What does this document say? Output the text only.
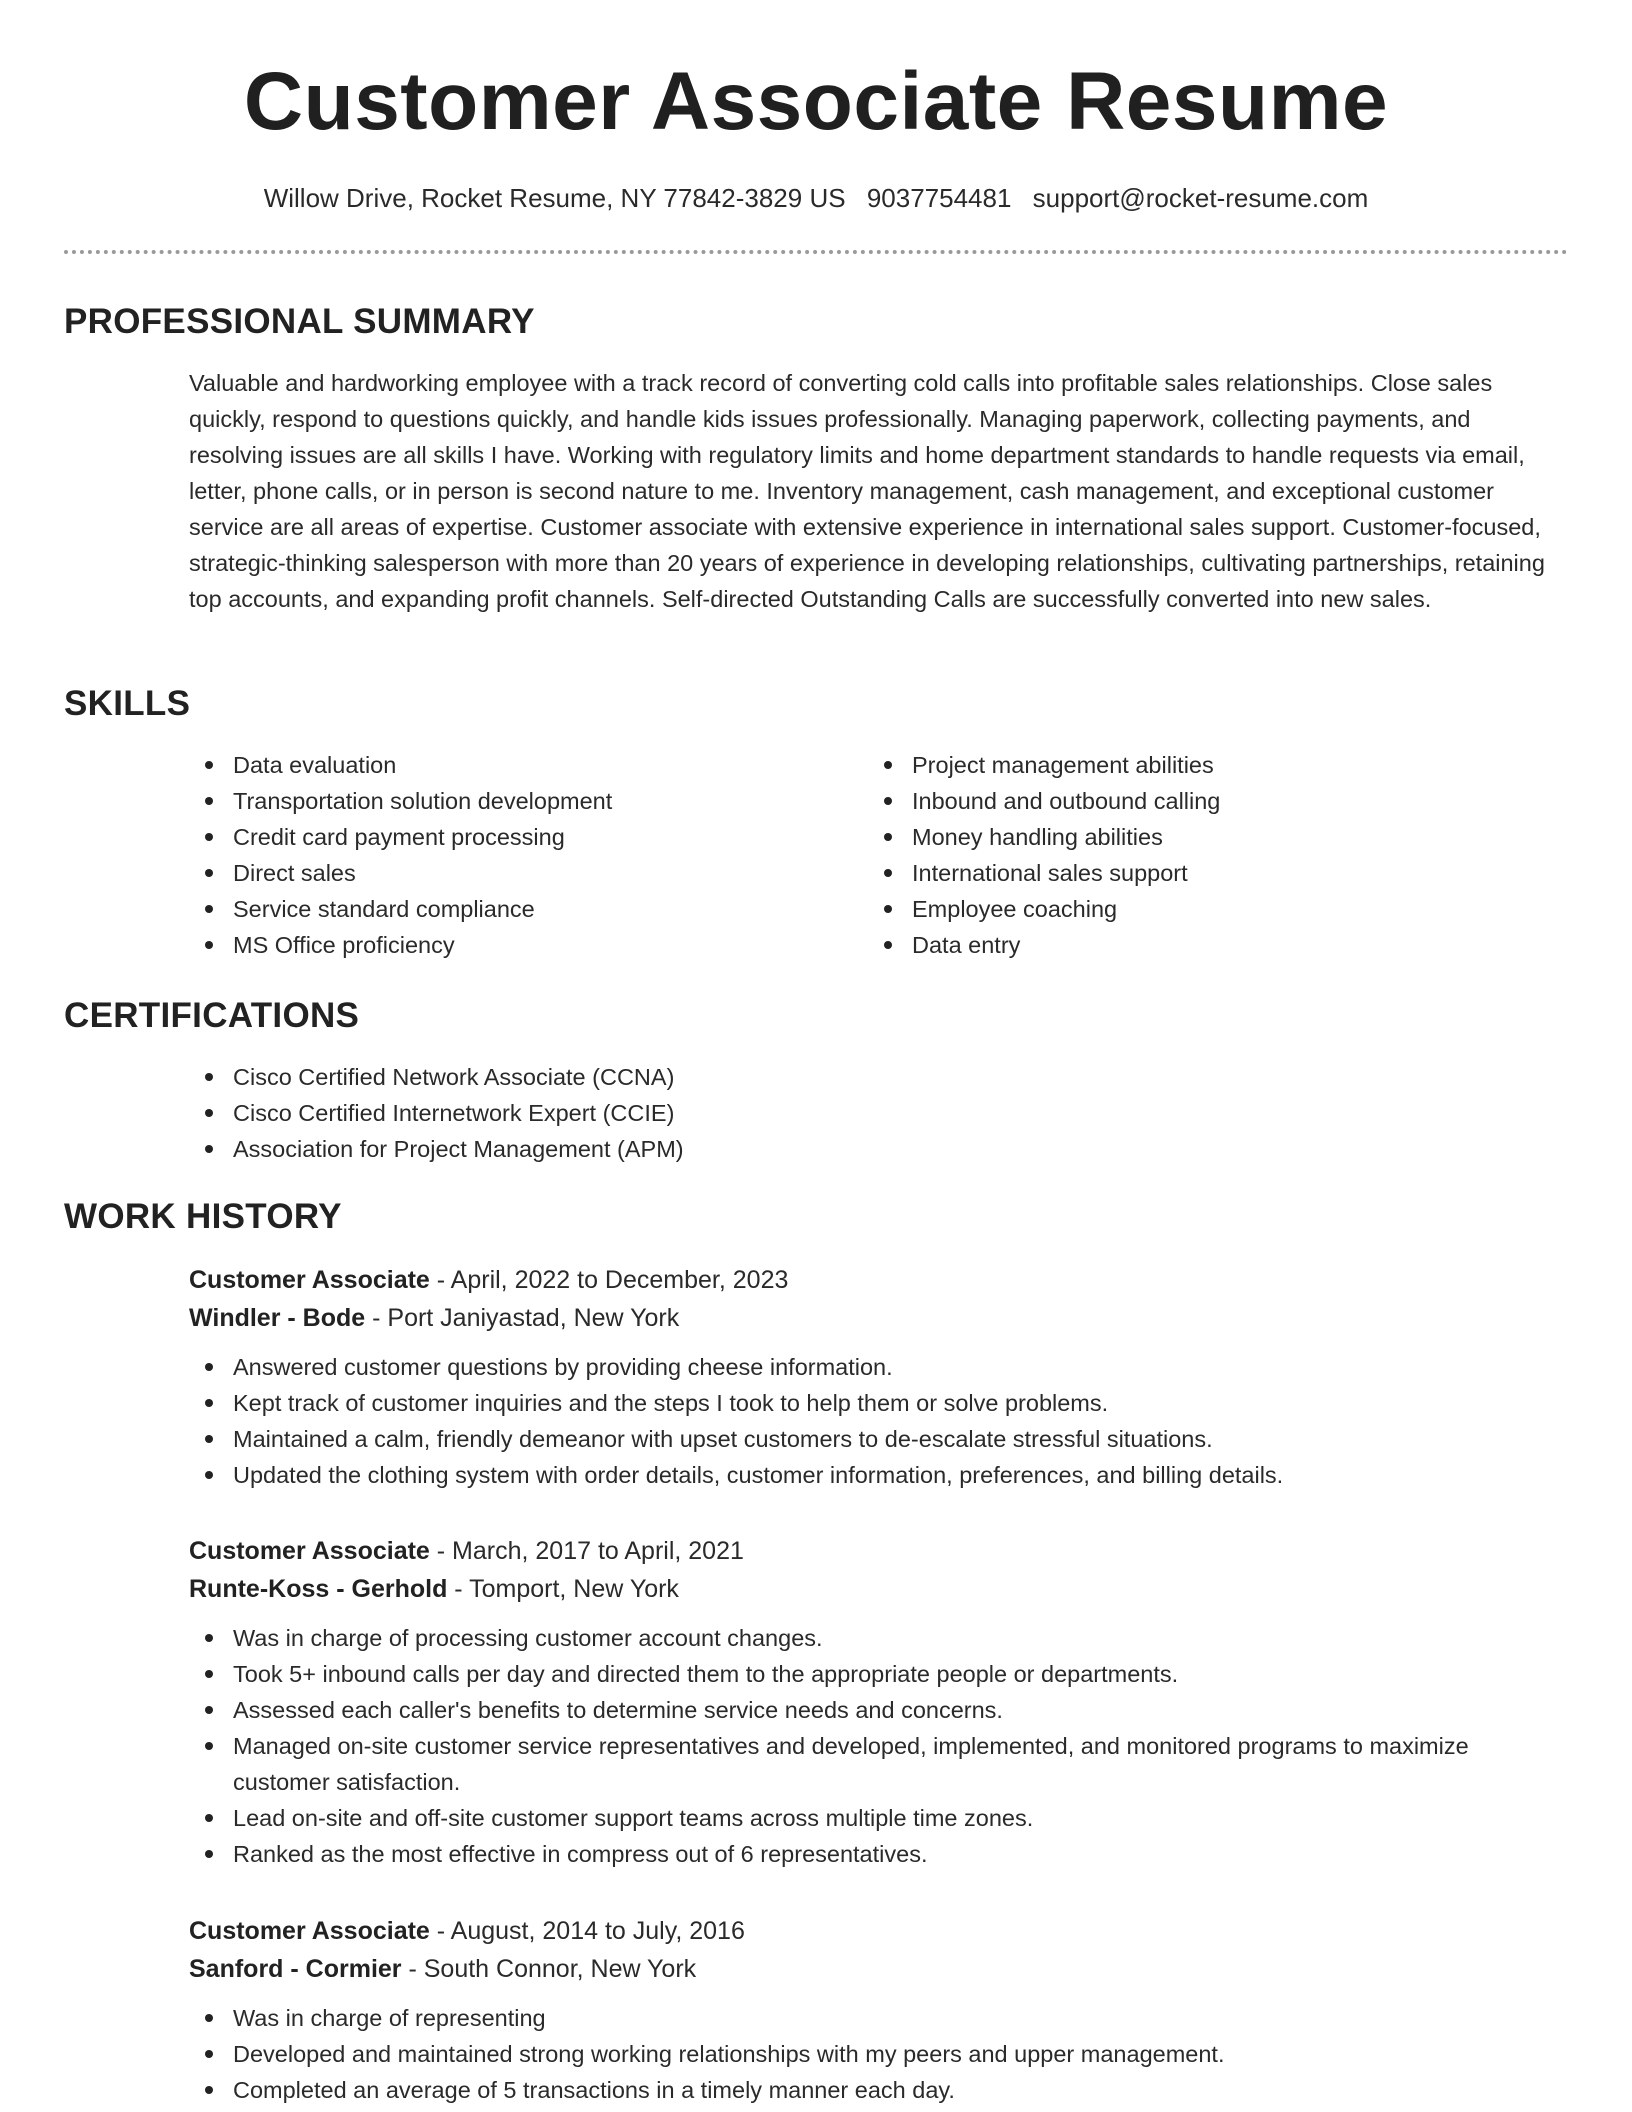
Customer Associate Resume
Willow Drive, Rocket Resume, NY 77842-3829 US 9037754481 support@rocket-resume.com
PROFESSIONAL SUMMARY

Valuable and hardworking employee with a track record of converting cold calls into profitable sales relationships. Close sales quickly, respond to questions quickly, and handle kids issues professionally. Managing paperwork, collecting payments, and resolving issues are all skills I have. Working with regulatory limits and home department standards to handle requests via email, letter, phone calls, or in person is second nature to me. Inventory management, cash management, and exceptional customer service are all areas of expertise. Customer associate with extensive experience in international sales support. Customer-focused, strategic-thinking salesperson with more than 20 years of experience in developing relationships, cultivating partnerships, retaining top accounts, and expanding profit channels. Self-directed Outstanding Calls are successfully converted into new sales.

SKILLS
Data evaluation
Transportation solution development
Credit card payment processing
Direct sales
Service standard compliance
MS Office proficiency
Project management abilities
Inbound and outbound calling
Money handling abilities
International sales support
Employee coaching
Data entry
CERTIFICATIONS
Cisco Certified Network Associate (CCNA)
Cisco Certified Internetwork Expert (CCIE)
Association for Project Management (APM)
WORK HISTORY
Customer Associate - April, 2022 to December, 2023
Windler - Bode - Port Janiyastad, New York
Answered customer questions by providing cheese information.
Kept track of customer inquiries and the steps I took to help them or solve problems.
Maintained a calm, friendly demeanor with upset customers to de-escalate stressful situations.
Updated the clothing system with order details, customer information, preferences, and billing details.
Customer Associate - March, 2017 to April, 2021
Runte-Koss - Gerhold - Tomport, New York
Was in charge of processing customer account changes.
Took 5+ inbound calls per day and directed them to the appropriate people or departments.
Assessed each caller's benefits to determine service needs and concerns.
Managed on-site customer service representatives and developed, implemented, and monitored programs to maximize customer satisfaction.
Lead on-site and off-site customer support teams across multiple time zones.
Ranked as the most effective in compress out of 6 representatives.
Customer Associate - August, 2014 to July, 2016
Sanford - Cormier - South Connor, New York
Was in charge of representing
Developed and maintained strong working relationships with my peers and upper management.
Completed an average of 5 transactions in a timely manner each day.
